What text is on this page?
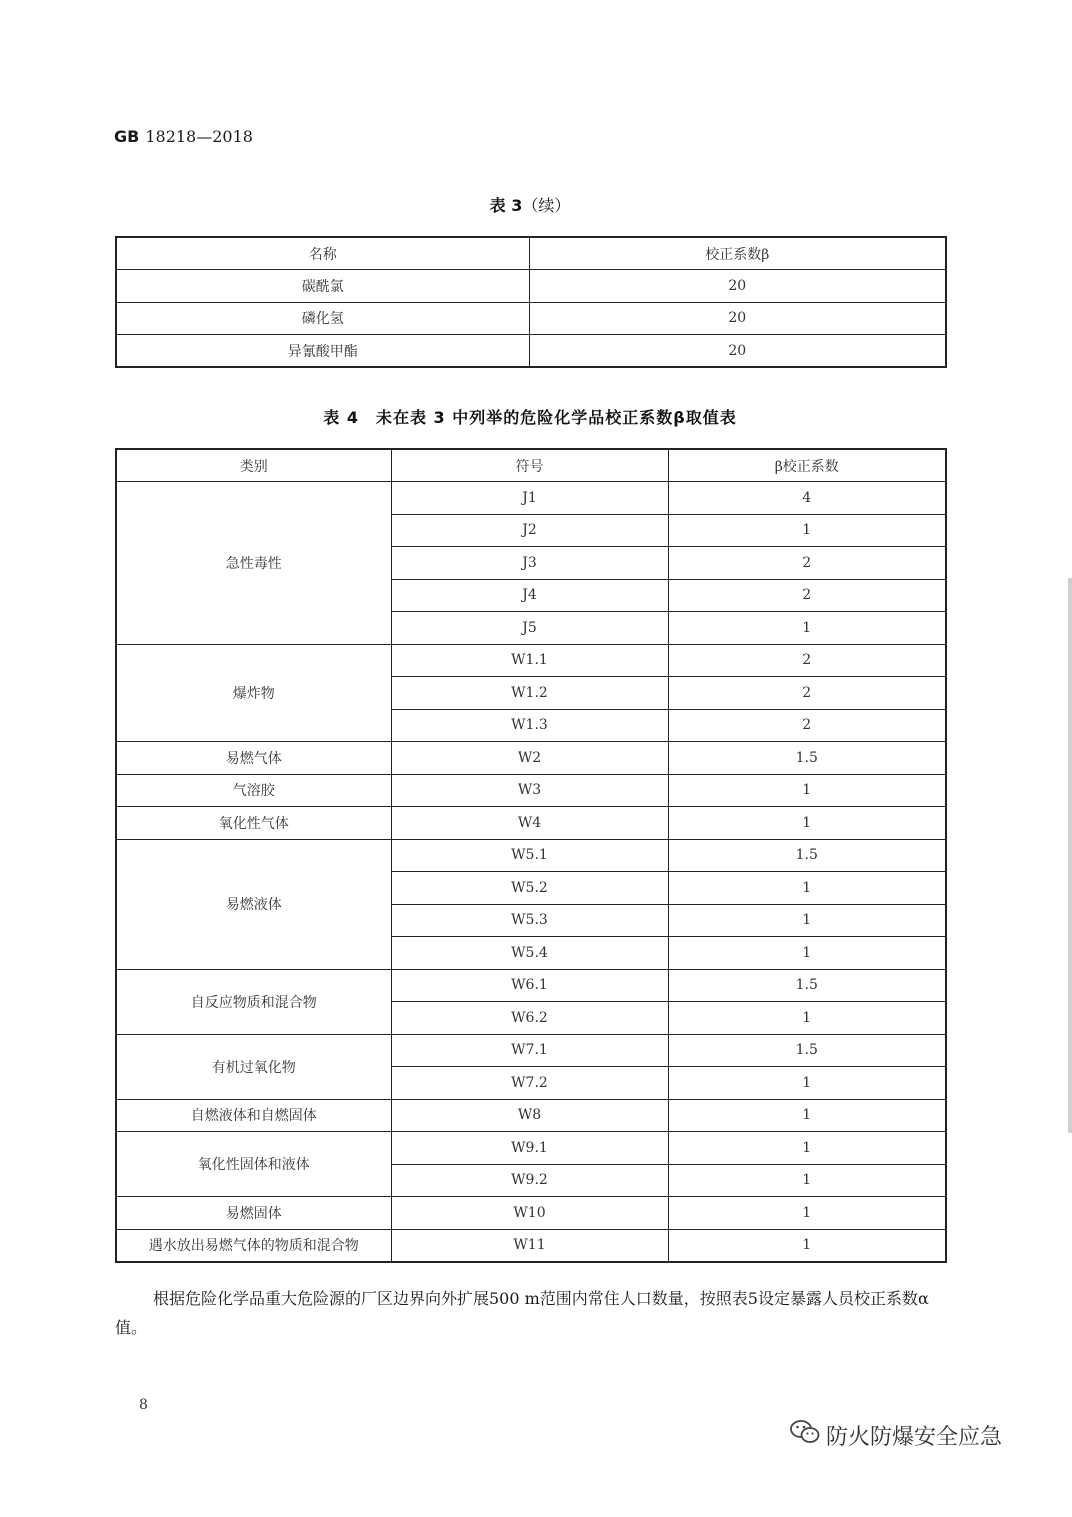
GB 18218—2018
表 3（续）
名称	校正系数β
碳酰氯	20
磷化氢	20
异氰酸甲酯	20
表 4　未在表 3 中列举的危险化学品校正系数β取值表
类别	符号	β校正系数
急性毒性	J1	4
	J2	1
	J3	2
	J4	2
	J5	1
爆炸物	W1.1	2
	W1.2	2
	W1.3	2
易燃气体	W2	1.5
气溶胶	W3	1
氧化性气体	W4	1
易燃液体	W5.1	1.5
	W5.2	1
	W5.3	1
	W5.4	1
自反应物质和混合物	W6.1	1.5
	W6.2	1
有机过氧化物	W7.1	1.5
	W7.2	1
自燃液体和自燃固体	W8	1
氧化性固体和液体	W9.1	1
	W9.2	1
易燃固体	W10	1
遇水放出易燃气体的物质和混合物	W11	1

根据危险化学品重大危险源的厂区边界向外扩展500 m范围内常住人口数量，按照表5设定暴露人员校正系数α值。

8
防火防爆安全应急
